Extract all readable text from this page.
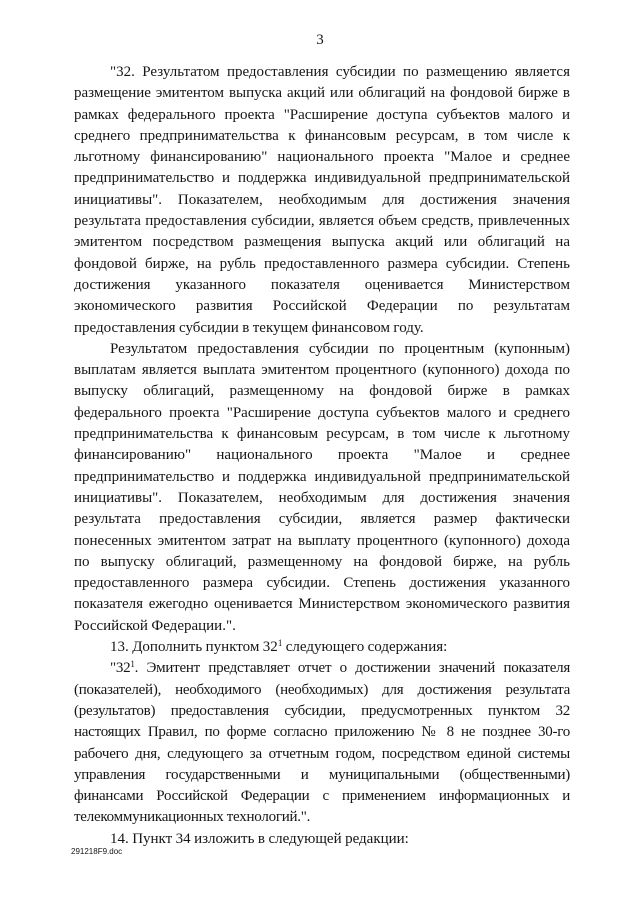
3

"32. Результатом предоставления субсидии по размещению является размещение эмитентом выпуска акций или облигаций на фондовой бирже в рамках федерального проекта "Расширение доступа субъектов малого и среднего предпринимательства к финансовым ресурсам, в том числе к льготному финансированию" национального проекта "Малое и среднее предпринимательство и поддержка индивидуальной предпринимательской инициативы". Показателем, необходимым для достижения значения результата предоставления субсидии, является объем средств, привлеченных эмитентом посредством размещения выпуска акций или облигаций на фондовой бирже, на рубль предоставленного размера субсидии. Степень достижения указанного показателя оценивается Министерством экономического развития Российской Федерации по результатам предоставления субсидии в текущем финансовом году.

Результатом предоставления субсидии по процентным (купонным) выплатам является выплата эмитентом процентного (купонного) дохода по выпуску облигаций, размещенному на фондовой бирже в рамках федерального проекта "Расширение доступа субъектов малого и среднего предпринимательства к финансовым ресурсам, в том числе к льготному финансированию" национального проекта "Малое и среднее предпринимательство и поддержка индивидуальной предпринимательской инициативы". Показателем, необходимым для достижения значения результата предоставления субсидии, является размер фактически понесенных эмитентом затрат на выплату процентного (купонного) дохода по выпуску облигаций, размещенному на фондовой бирже, на рубль предоставленного размера субсидии. Степень достижения указанного показателя ежегодно оценивается Министерством экономического развития Российской Федерации.".

13. Дополнить пунктом $32^1$ следующего содержания:

"$32^1$. Эмитент представляет отчет о достижении значений показателя (показателей), необходимого (необходимых) для достижения результата (результатов) предоставления субсидии, предусмотренных пунктом 32 настоящих Правил, по форме согласно приложению № 8 не позднее 30-го рабочего дня, следующего за отчетным годом, посредством единой системы управления государственными и муниципальными (общественными) финансами Российской Федерации с применением информационных и телекоммуникационных технологий.".

14. Пункт 34 изложить в следующей редакции:

291218F9.doc
